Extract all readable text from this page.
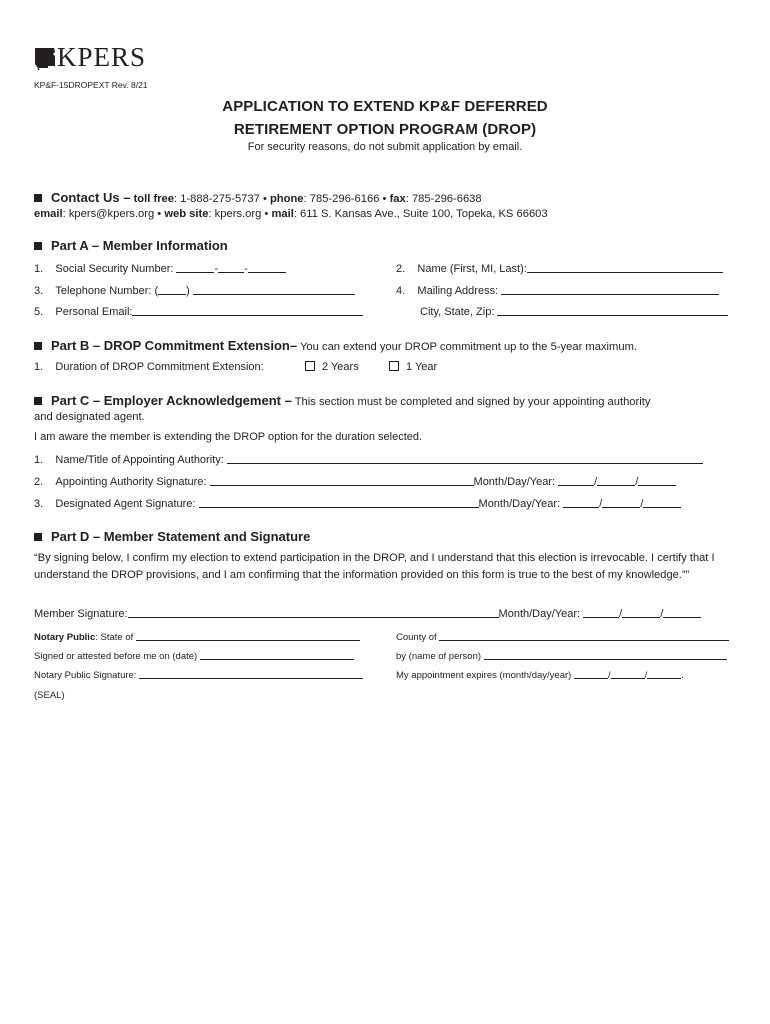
KPERS
KP&F-15DROPEXT Rev. 8/21
APPLICATION TO EXTEND KP&F DEFERRED
RETIREMENT OPTION PROGRAM (DROP)
For security reasons, do not submit application by email.
Contact Us – toll free: 1-888-275-5737 • phone: 785-296-6166 • fax: 785-296-6638
email: kpers@kpers.org • web site: kpers.org • mail: 611 S. Kansas Ave., Suite 100, Topeka, KS 66603
Part A – Member Information
1. Social Security Number:	- -	2. Name (First, MI, Last):
3. Telephone Number: (	)	4. Mailing Address:
5. Personal Email:	City, State, Zip:
Part B – DROP Commitment Extension– You can extend your DROP commitment up to the 5-year maximum.
1. Duration of DROP Commitment Extension:	2 Years	1 Year
Part C – Employer Acknowledgement – This section must be completed and signed by your appointing authority
and designated agent.
I am aware the member is extending the DROP option for the duration selected.
1. Name/Title of Appointing Authority:
2. Appointing Authority Signature:	Month/Day/Year:	/	/
3. Designated Agent Signature:	Month/Day/Year:	/	/
Part D – Member Statement and Signature
“By signing below, I confirm my election to extend participation in the DROP, and I understand that this election is irrevocable. I certify that I understand the DROP provisions, and I am confirming that the information provided on this form is true to the best of my knowledge.””
Member Signature:	Month/Day/Year:	/	/
Notary Public: State of	County of
Signed or attested before me on (date)	by (name of person)
Notary Public Signature:	My appointment expires (month/day/year)	/	/	.
(SEAL)
